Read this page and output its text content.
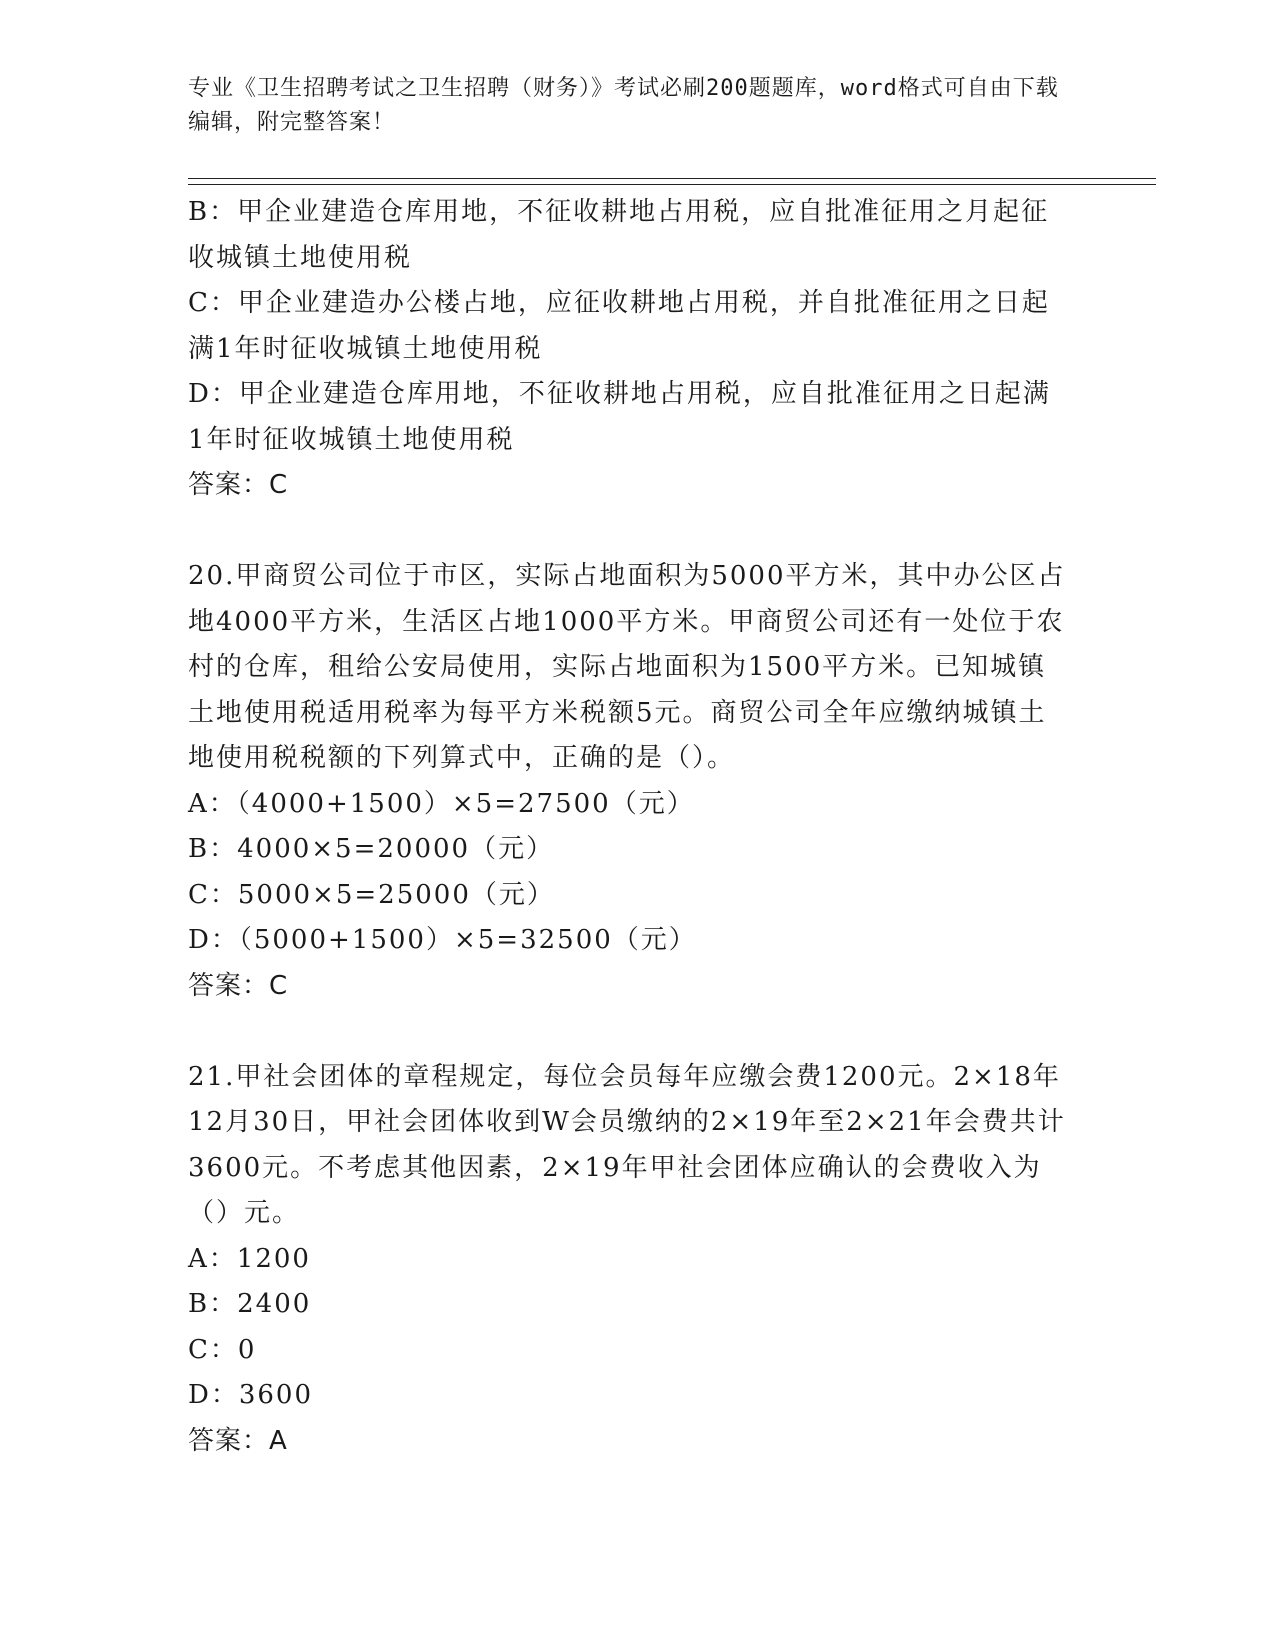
专业《卫生招聘考试之卫生招聘（财务）》考试必刷200题题库，word格式可自由下载编辑，附完整答案！

B：甲企业建造仓库用地，不征收耕地占用税，应自批准征用之月起征收城镇土地使用税

C：甲企业建造办公楼占地，应征收耕地占用税，并自批准征用之日起满1年时征收城镇土地使用税

D：甲企业建造仓库用地，不征收耕地占用税，应自批准征用之日起满1年时征收城镇土地使用税

答案：C

20.甲商贸公司位于市区，实际占地面积为5000平方米，其中办公区占地4000平方米，生活区占地1000平方米。甲商贸公司还有一处位于农村的仓库，租给公安局使用，实际占地面积为1500平方米。已知城镇土地使用税适用税率为每平方米税额5元。商贸公司全年应缴纳城镇土地使用税税额的下列算式中，正确的是（）。

A：（4000+1500）×5=27500（元）

B：4000×5=20000（元）

C：5000×5=25000（元）

D：（5000+1500）×5=32500（元）

答案：C

21.甲社会团体的章程规定，每位会员每年应缴会费1200元。2×18年12月30日，甲社会团体收到W会员缴纳的2×19年至2×21年会费共计3600元。不考虑其他因素，2×19年甲社会团体应确认的会费收入为（）元。

A：1200

B：2400

C：0

D：3600

答案：A
